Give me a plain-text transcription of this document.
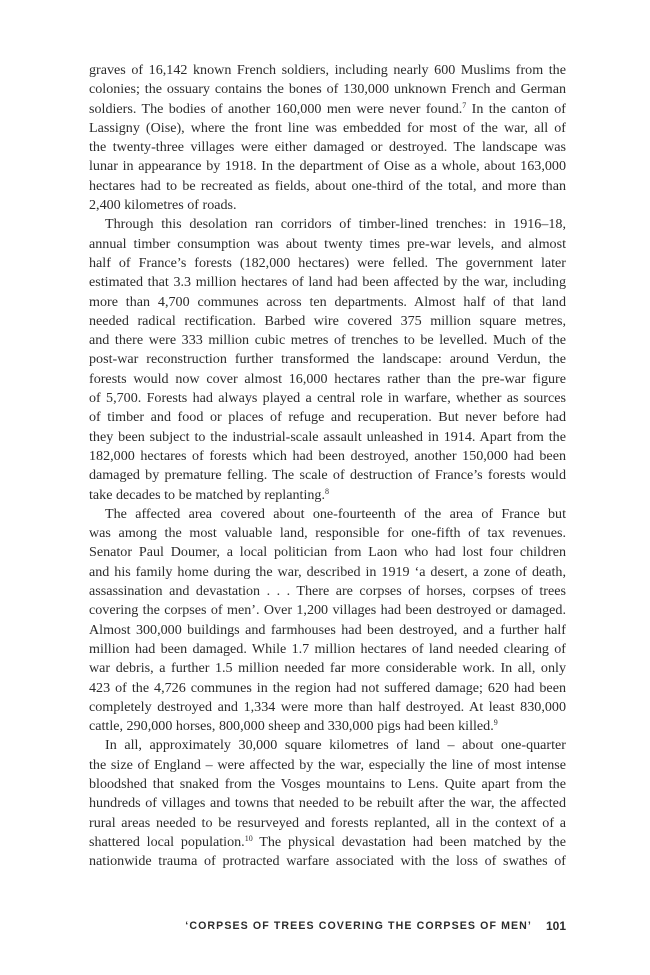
graves of 16,142 known French soldiers, including nearly 600 Muslims from the
colonies; the ossuary contains the bones of 130,000 unknown French and German
soldiers. The bodies of another 160,000 men were never found.$^7$ In the canton of
Lassigny (Oise), where the front line was embedded for most of the war, all of
the twenty-three villages were either damaged or destroyed. The landscape was
lunar in appearance by 1918. In the department of Oise as a whole, about 163,000
hectares had to be recreated as fields, about one-third of the total, and more than
2,400 kilometres of roads.

Through this desolation ran corridors of timber-lined trenches: in 1916–18,
annual timber consumption was about twenty times pre-war levels, and almost
half of France’s forests (182,000 hectares) were felled. The government later
estimated that 3.3 million hectares of land had been affected by the war, including
more than 4,700 communes across ten departments. Almost half of that land
needed radical rectification. Barbed wire covered 375 million square metres,
and there were 333 million cubic metres of trenches to be levelled. Much of the
post-war reconstruction further transformed the landscape: around Verdun, the
forests would now cover almost 16,000 hectares rather than the pre-war figure
of 5,700. Forests had always played a central role in warfare, whether as sources
of timber and food or places of refuge and recuperation. But never before had
they been subject to the industrial-scale assault unleashed in 1914. Apart from the
182,000 hectares of forests which had been destroyed, another 150,000 had been
damaged by premature felling. The scale of destruction of France’s forests would
take decades to be matched by replanting.$^8$

The affected area covered about one-fourteenth of the area of France but
was among the most valuable land, responsible for one-fifth of tax revenues.
Senator Paul Doumer, a local politician from Laon who had lost four children
and his family home during the war, described in 1919 ‘a desert, a zone of death,
assassination and devastation . . . There are corpses of horses, corpses of trees
covering the corpses of men’. Over 1,200 villages had been destroyed or damaged.
Almost 300,000 buildings and farmhouses had been destroyed, and a further half
million had been damaged. While 1.7 million hectares of land needed clearing of
war debris, a further 1.5 million needed far more considerable work. In all, only
423 of the 4,726 communes in the region had not suffered damage; 620 had been
completely destroyed and 1,334 were more than half destroyed. At least 830,000
cattle, 290,000 horses, 800,000 sheep and 330,000 pigs had been killed.$^9$

In all, approximately 30,000 square kilometres of land – about one-quarter
the size of England – were affected by the war, especially the line of most intense
bloodshed that snaked from the Vosges mountains to Lens. Quite apart from the
hundreds of villages and towns that needed to be rebuilt after the war, the affected
rural areas needed to be resurveyed and forests replanted, all in the context of a
shattered local population.$^{10}$ The physical devastation had been matched by the
nationwide trauma of protracted warfare associated with the loss of swathes of

‘CORPSES OF TREES COVERING THE CORPSES OF MEN’ 101
